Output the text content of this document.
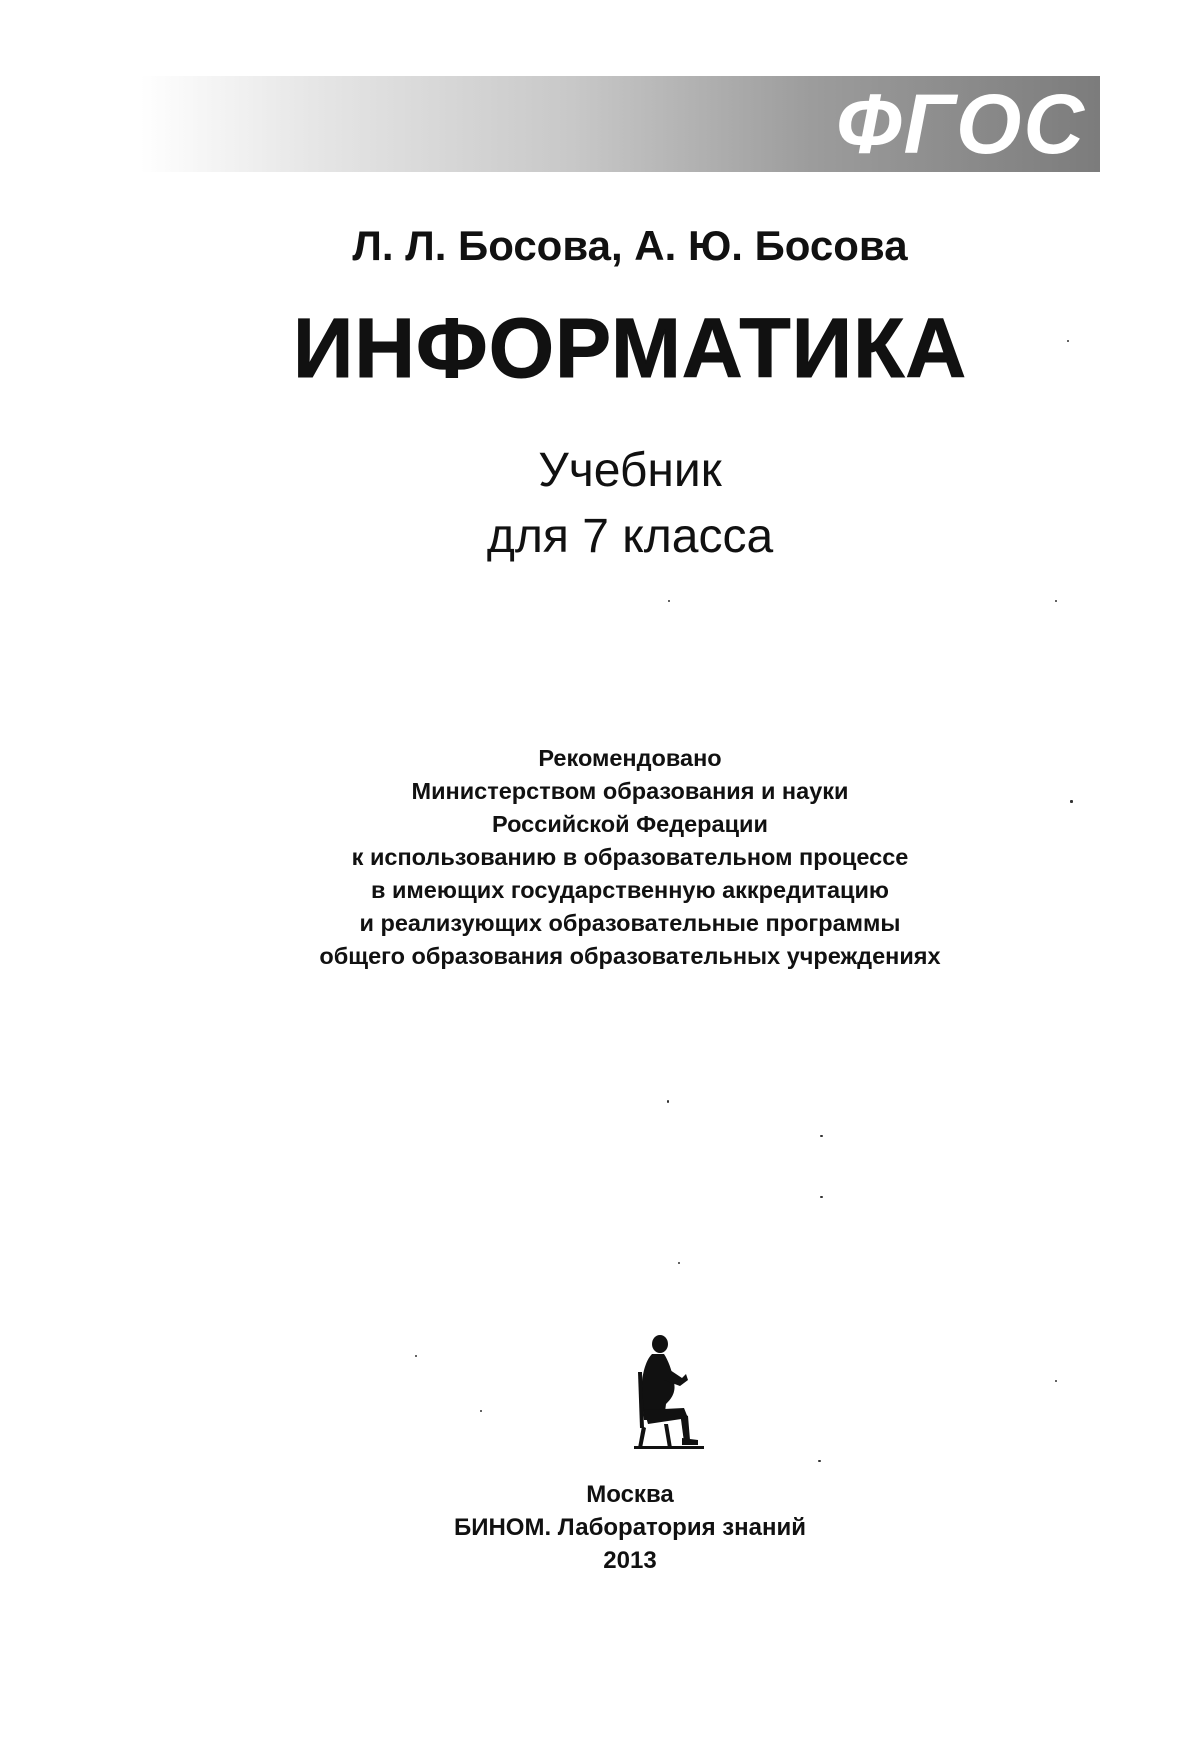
ФГОС
Л. Л. Босова, А. Ю. Босова
ИНФОРМАТИКА
Учебник
для 7 класса
Рекомендовано
Министерством образования и науки
Российской Федерации
к использованию в образовательном процессе
в имеющих государственную аккредитацию
и реализующих образовательные программы
общего образования образовательных учреждениях
Москва
БИНОМ. Лаборатория знаний
2013
